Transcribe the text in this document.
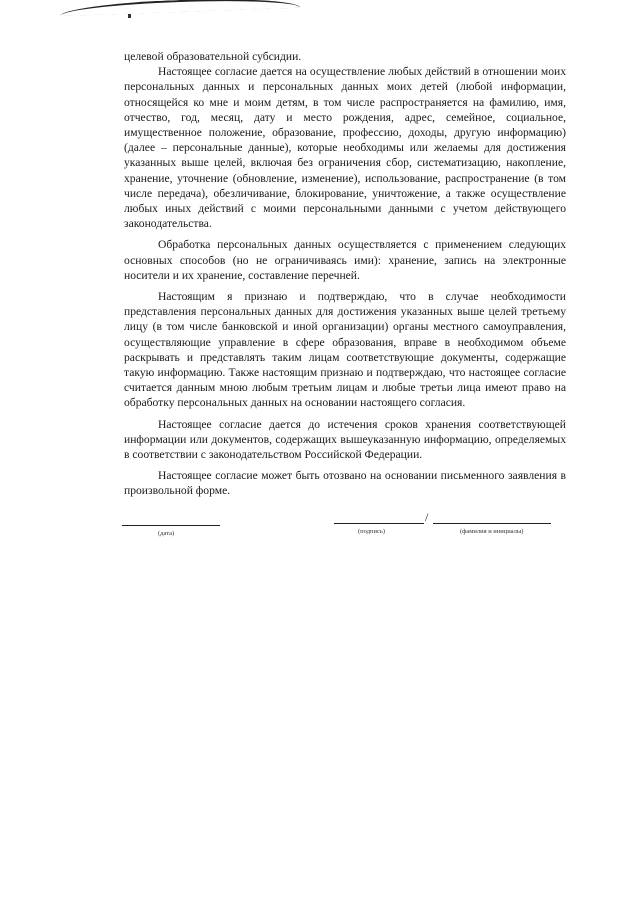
целевой образовательной субсидии.

Настоящее согласие дается на осуществление любых действий в отношении моих персональных данных и персональных данных моих детей (любой информации, относящейся ко мне и моим детям, в том числе распространяется на фамилию, имя, отчество, год, месяц, дату и место рождения, адрес, семейное, социальное, имущественное положение, образование, профессию, доходы, другую информацию) (далее – персональные данные), которые необходимы или желаемы для достижения указанных выше целей, включая без ограничения сбор, систематизацию, накопление, хранение, уточнение (обновление, изменение), использование, распространение (в том числе передача), обезличивание, блокирование, уничтожение, а также осуществление любых иных действий с моими персональными данными с учетом действующего законодательства.

Обработка персональных данных осуществляется с применением следующих основных способов (но не ограничиваясь ими): хранение, запись на электронные носители и их хранение, составление перечней.

Настоящим я признаю и подтверждаю, что в случае необходимости представления персональных данных для достижения указанных выше целей третьему лицу (в том числе банковской и иной организации) органы местного самоуправления, осуществляющие управление в сфере образования, вправе в необходимом объеме раскрывать и представлять таким лицам соответствующие документы, содержащие такую информацию. Также настоящим признаю и подтверждаю, что настоящее согласие считается данным мною любым третьим лицам и любые третьи лица имеют право на обработку персональных данных на основании настоящего согласия.

Настоящее согласие дается до истечения сроков хранения соответствующей информации или документов, содержащих вышеуказанную информацию, определяемых в соответствии с законодательством Российской Федерации.

Настоящее согласие может быть отозвано на основании письменного заявления в произвольной форме.

(дата)	(подпись)
/
(фамилия и инициалы)
